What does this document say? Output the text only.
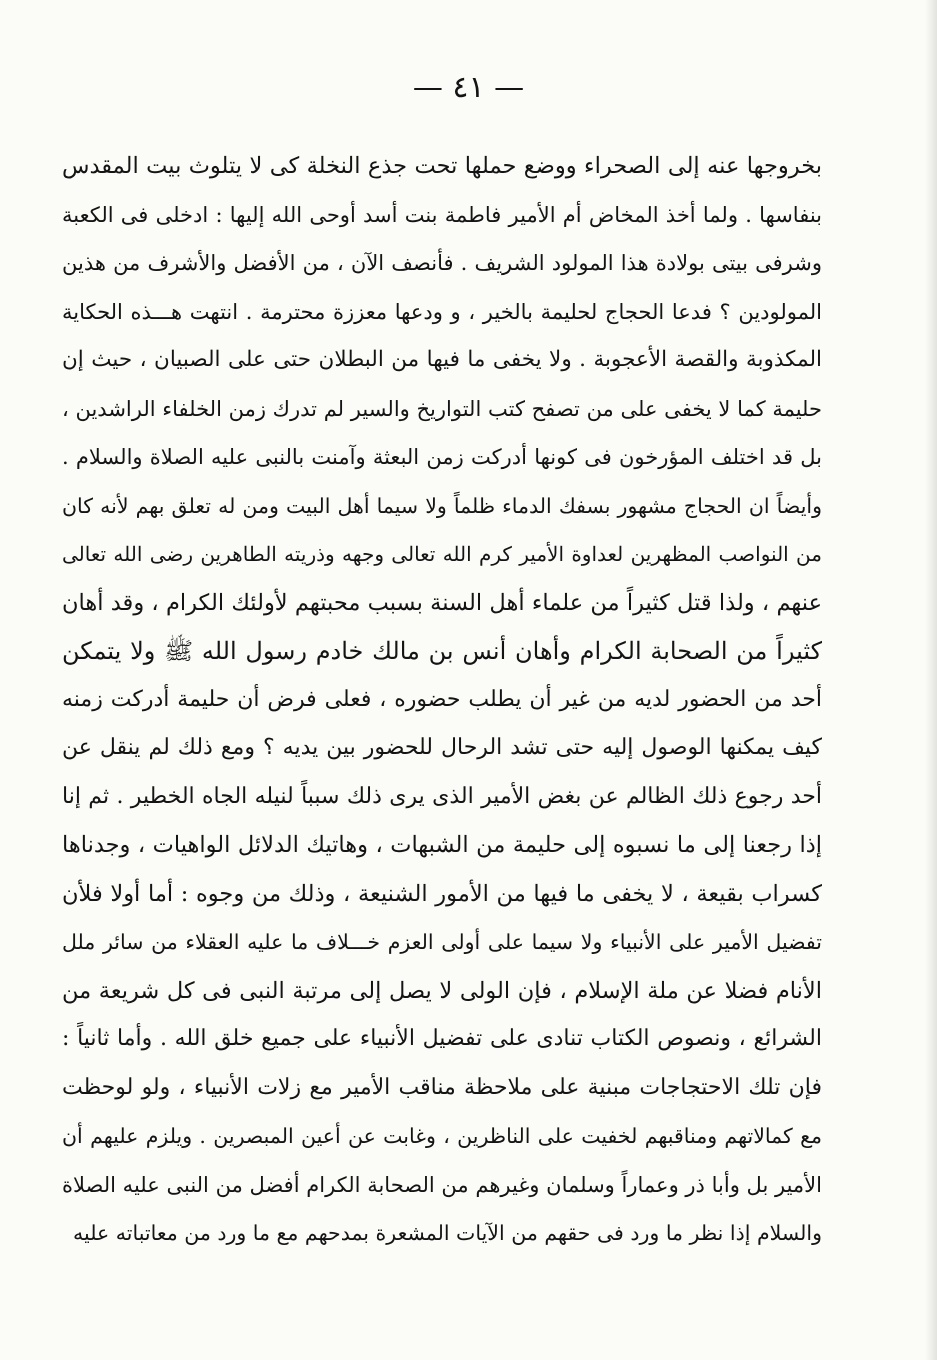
— ٤١ —
بخروجها عنه إلى الصحراء ووضع حملها تحت جذع النخلة كى لا يتلوث بيت المقدس
بنفاسها . ولما أخذ المخاض أم الأمير فاطمة بنت أسد أوحى الله إليها : ادخلى فى الكعبة
وشرفى بيتى بولادة هذا المولود الشريف . فأنصف الآن ، من الأفضل والأشرف من هذين
المولودين ؟ فدعا الحجاج لحليمة بالخير ، و ودعها معززة محترمة . انتهت هـــذه الحكاية
المكذوبة والقصة الأعجوبة . ولا يخفى ما فيها من البطلان حتى على الصبيان ، حيث إن
حليمة كما لا يخفى على من تصفح كتب التواريخ والسير لم تدرك زمن الخلفاء الراشدين ،
بل قد اختلف المؤرخون فى كونها أدركت زمن البعثة وآمنت بالنبى عليه الصلاة والسلام .
وأيضاً ان الحجاج مشهور بسفك الدماء ظلماً ولا سيما أهل البيت ومن له تعلق بهم لأنه كان
من النواصب المظهرين لعداوة الأمير كرم الله تعالى وجهه وذريته الطاهرين رضى الله تعالى
عنهم ، ولذا قتل كثيراً من علماء أهل السنة بسبب محبتهم لأولئك الكرام ، وقد أهان
كثيراً من الصحابة الكرام وأهان أنس بن مالك خادم رسول الله ﷺ ولا يتمكن
أحد من الحضور لديه من غير أن يطلب حضوره ، فعلى فرض أن حليمة أدركت زمنه
كيف يمكنها الوصول إليه حتى تشد الرحال للحضور بين يديه ؟ ومع ذلك لم ينقل عن
أحد رجوع ذلك الظالم عن بغض الأمير الذى يرى ذلك سبباً لنيله الجاه الخطير . ثم إنا
إذا رجعنا إلى ما نسبوه إلى حليمة من الشبهات ، وهاتيك الدلائل الواهيات ، وجدناها
كسراب بقيعة ، لا يخفى ما فيها من الأمور الشنيعة ، وذلك من وجوه : أما أولا فلأن
تفضيل الأمير على الأنبياء ولا سيما على أولى العزم خـــلاف ما عليه العقلاء من سائر ملل
الأنام فضلا عن ملة الإسلام ، فإن الولى لا يصل إلى مرتبة النبى فى كل شريعة من
الشرائع ، ونصوص الكتاب تنادى على تفضيل الأنبياء على جميع خلق الله . وأما ثانياً :
فإن تلك الاحتجاجات مبنية على ملاحظة مناقب الأمير مع زلات الأنبياء ، ولو لوحظت
مع كمالاتهم ومناقبهم لخفيت على الناظرين ، وغابت عن أعين المبصرين . ويلزم عليهم أن
الأمير بل وأبا ذر وعماراً وسلمان وغيرهم من الصحابة الكرام أفضل من النبى عليه الصلاة
والسلام إذا نظر ما ورد فى حقهم من الآيات المشعرة بمدحهم مع ما ورد من معاتباته عليه
